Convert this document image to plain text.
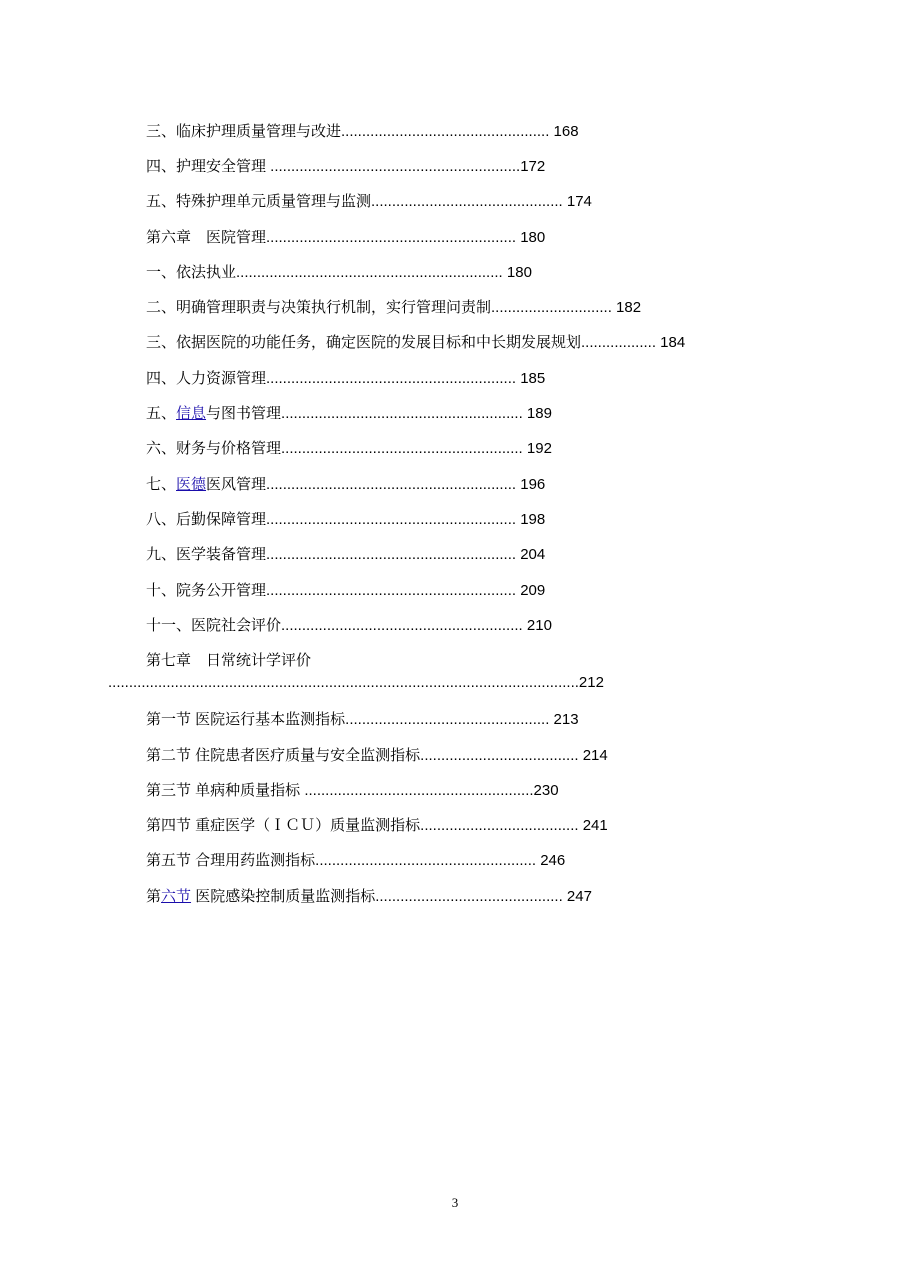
三、临床护理质量管理与改进.................................................. 168
四、护理安全管理 ............................................................172
五、特殊护理单元质量管理与监测.............................................. 174
第六章　医院管理............................................................ 180
一、依法执业................................................................ 180
二、明确管理职责与决策执行机制，实行管理问责制............................. 182
三、依据医院的功能任务，确定医院的发展目标和中长期发展规划.................. 184
四、人力资源管理............................................................ 185
五、信息与图书管理.......................................................... 189
六、财务与价格管理.......................................................... 192
七、医德医风管理............................................................ 196
八、后勤保障管理............................................................ 198
九、医学装备管理............................................................ 204
十、院务公开管理............................................................ 209
十一、医院社会评价.......................................................... 210
第七章　日常统计学评价
.................................................................................................................212
第一节 医院运行基本监测指标................................................. 213
第二节 住院患者医疗质量与安全监测指标...................................... 214
第三节 单病种质量指标 .......................................................230
第四节 重症医学（ＩＣＵ）质量监测指标...................................... 241
第五节 合理用药监测指标..................................................... 246
第六节 医院感染控制质量监测指标............................................. 247
3
